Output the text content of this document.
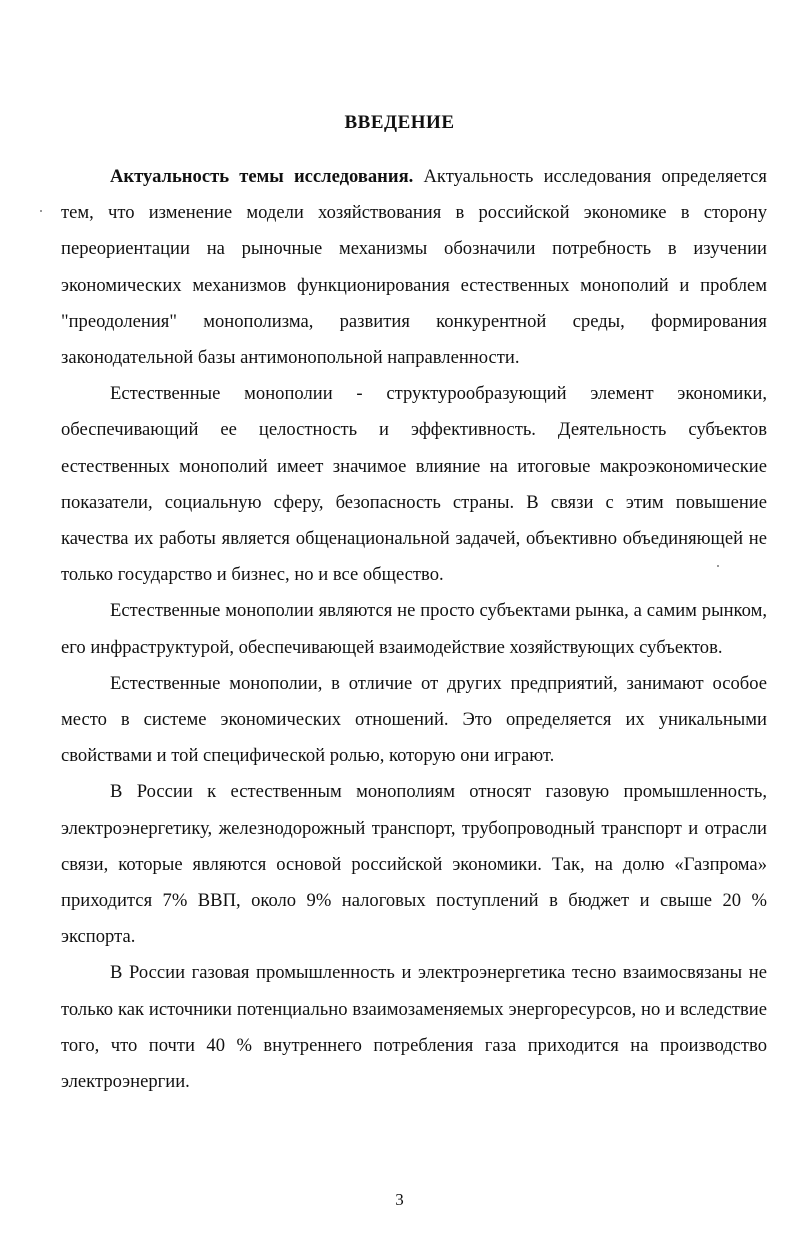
ВВЕДЕНИЕ

Актуальность темы исследования. Актуальность исследования определяется тем, что изменение модели хозяйствования в российской экономике в сторону переориентации на рыночные механизмы обозначили потребность в изучении экономических механизмов функционирования естественных монополий и проблем "преодоления" монополизма, развития конкурентной среды, формирования законодательной базы антимонопольной направленности.

Естественные монополии - структурообразующий элемент экономики, обеспечивающий ее целостность и эффективность. Деятельность субъектов естественных монополий имеет значимое влияние на итоговые макроэкономические показатели, социальную сферу, безопасность страны. В связи с этим повышение качества их работы является общенациональной задачей, объективно объединяющей не только государство и бизнес, но и все общество.

Естественные монополии являются не просто субъектами рынка, а самим рынком, его инфраструктурой, обеспечивающей взаимодействие хозяйствующих субъектов.

Естественные монополии, в отличие от других предприятий, занимают особое место в системе экономических отношений. Это определяется их уникальными свойствами и той специфической ролью, которую они играют.

В России к естественным монополиям относят газовую промышленность, электроэнергетику, железнодорожный транспорт, трубопроводный транспорт и отрасли связи, которые являются основой российской экономики. Так, на долю «Газпрома» приходится 7% ВВП, около 9% налоговых поступлений в бюджет и свыше 20 % экспорта.

В России газовая промышленность и электроэнергетика тесно взаимосвязаны не только как источники потенциально взаимозаменяемых энергоресурсов, но и вследствие того, что почти 40 % внутреннего потребления газа приходится на производство электроэнергии.

3
